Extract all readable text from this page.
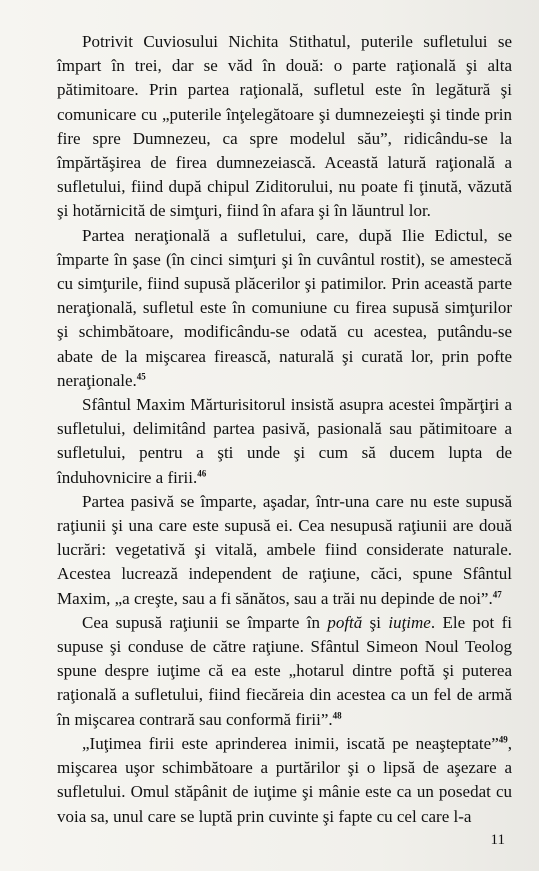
Potrivit Cuviosului Nichita Stithatul, puterile sufletului se împart în trei, dar se văd în două: o parte raţională şi alta pătimitoare. Prin partea raţională, sufletul este în legătură şi comunicare cu „puterile înţelegătoare şi dumnezeieşti şi tinde prin fire spre Dumnezeu, ca spre modelul său”, ridicându-se la împărtăşirea de firea dumnezeiască. Această latură raţională a sufletului, fiind după chipul Ziditorului, nu poate fi ţinută, văzută şi hotărnicită de simţuri, fiind în afara şi în lăuntrul lor.

Partea neraţională a sufletului, care, după Ilie Edictul, se împarte în şase (în cinci simţuri şi în cuvântul rostit), se amestecă cu simţurile, fiind supusă plăcerilor şi patimilor. Prin această parte neraţională, sufletul este în comuniune cu firea supusă simţurilor şi schimbătoare, modificându-se odată cu acestea, putându-se abate de la mişcarea firească, naturală şi curată lor, prin pofte neraţionale.$^{45}$

Sfântul Maxim Mărturisitorul insistă asupra acestei împărţiri a sufletului, delimitând partea pasivă, pasională sau pătimitoare a sufletului, pentru a şti unde şi cum să ducem lupta de înduhovnicire a firii.$^{46}$

Partea pasivă se împarte, aşadar, într-una care nu este supusă raţiunii şi una care este supusă ei. Cea nesupusă raţiunii are două lucrări: vegetativă şi vitală, ambele fiind considerate naturale. Acestea lucrează independent de raţiune, căci, spune Sfântul Maxim, „a creşte, sau a fi sănătos, sau a trăi nu depinde de noi”.$^{47}$

Cea supusă raţiunii se împarte în poftă şi iuţime. Ele pot fi supuse şi conduse de către raţiune. Sfântul Simeon Noul Teolog spune despre iuţime că ea este „hotarul dintre poftă şi puterea raţională a sufletului, fiind fiecăreia din acestea ca un fel de armă în mişcarea contrară sau conformă firii”.$^{48}$

„Iuţimea firii este aprinderea inimii, iscată pe neaşteptate”$^{49}$, mişcarea uşor schimbătoare a purtărilor şi o lipsă de aşezare a sufletului. Omul stăpânit de iuţime şi mânie este ca un posedat cu voia sa, unul care se luptă prin cuvinte şi fapte cu cel care l-a

11
